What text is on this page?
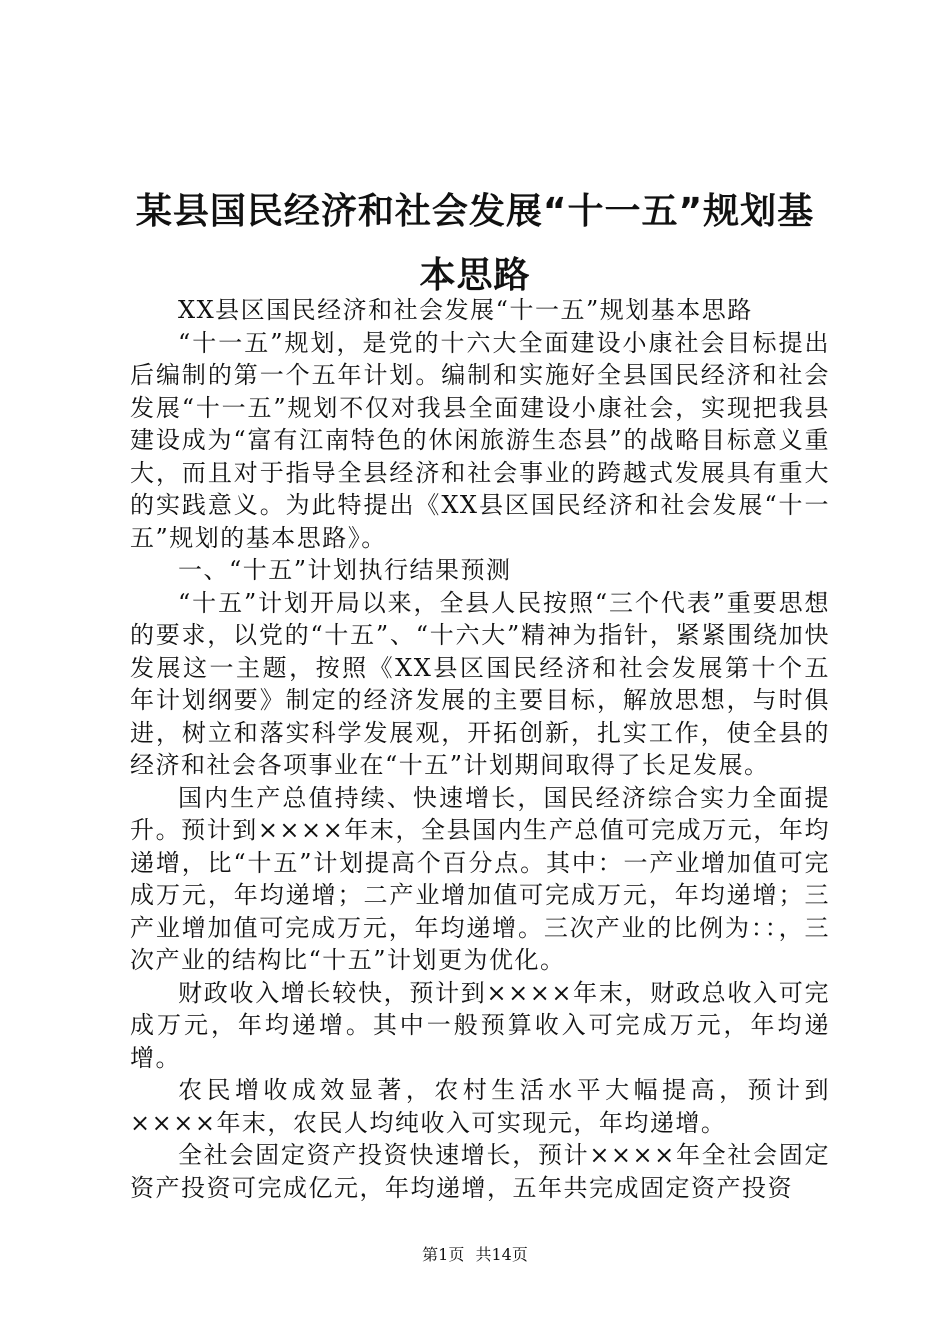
某县国民经济和社会发展“十一五”规划基本思路

XX县区国民经济和社会发展“十一五”规划基本思路

“十一五”规划，是党的十六大全面建设小康社会目标提出后编制的第一个五年计划。编制和实施好全县国民经济和社会发展“十一五”规划不仅对我县全面建设小康社会，实现把我县建设成为“富有江南特色的休闲旅游生态县”的战略目标意义重大，而且对于指导全县经济和社会事业的跨越式发展具有重大的实践意义。为此特提出《XX县区国民经济和社会发展“十一五”规划的基本思路》。

一、“十五”计划执行结果预测

“十五”计划开局以来，全县人民按照“三个代表”重要思想的要求，以党的“十五”、“十六大”精神为指针，紧紧围绕加快发展这一主题，按照《XX县区国民经济和社会发展第十个五年计划纲要》制定的经济发展的主要目标，解放思想，与时俱进，树立和落实科学发展观，开拓创新，扎实工作，使全县的经济和社会各项事业在“十五”计划期间取得了长足发展。

国内生产总值持续、快速增长，国民经济综合实力全面提升。预计到××××年末，全县国内生产总值可完成万元，年均递增，比“十五”计划提高个百分点。其中：一产业增加值可完成万元，年均递增；二产业增加值可完成万元，年均递增；三产业增加值可完成万元，年均递增。三次产业的比例为：：，三次产业的结构比“十五”计划更为优化。

财政收入增长较快，预计到××××年末，财政总收入可完成万元，年均递增。其中一般预算收入可完成万元，年均递增。

农民增收成效显著，农村生活水平大幅提高，预计到××××年末，农民人均纯收入可实现元，年均递增。

全社会固定资产投资快速增长，预计××××年全社会固定资产投资可完成亿元，年均递增，五年共完成固定资产投资

第1页 共14页
